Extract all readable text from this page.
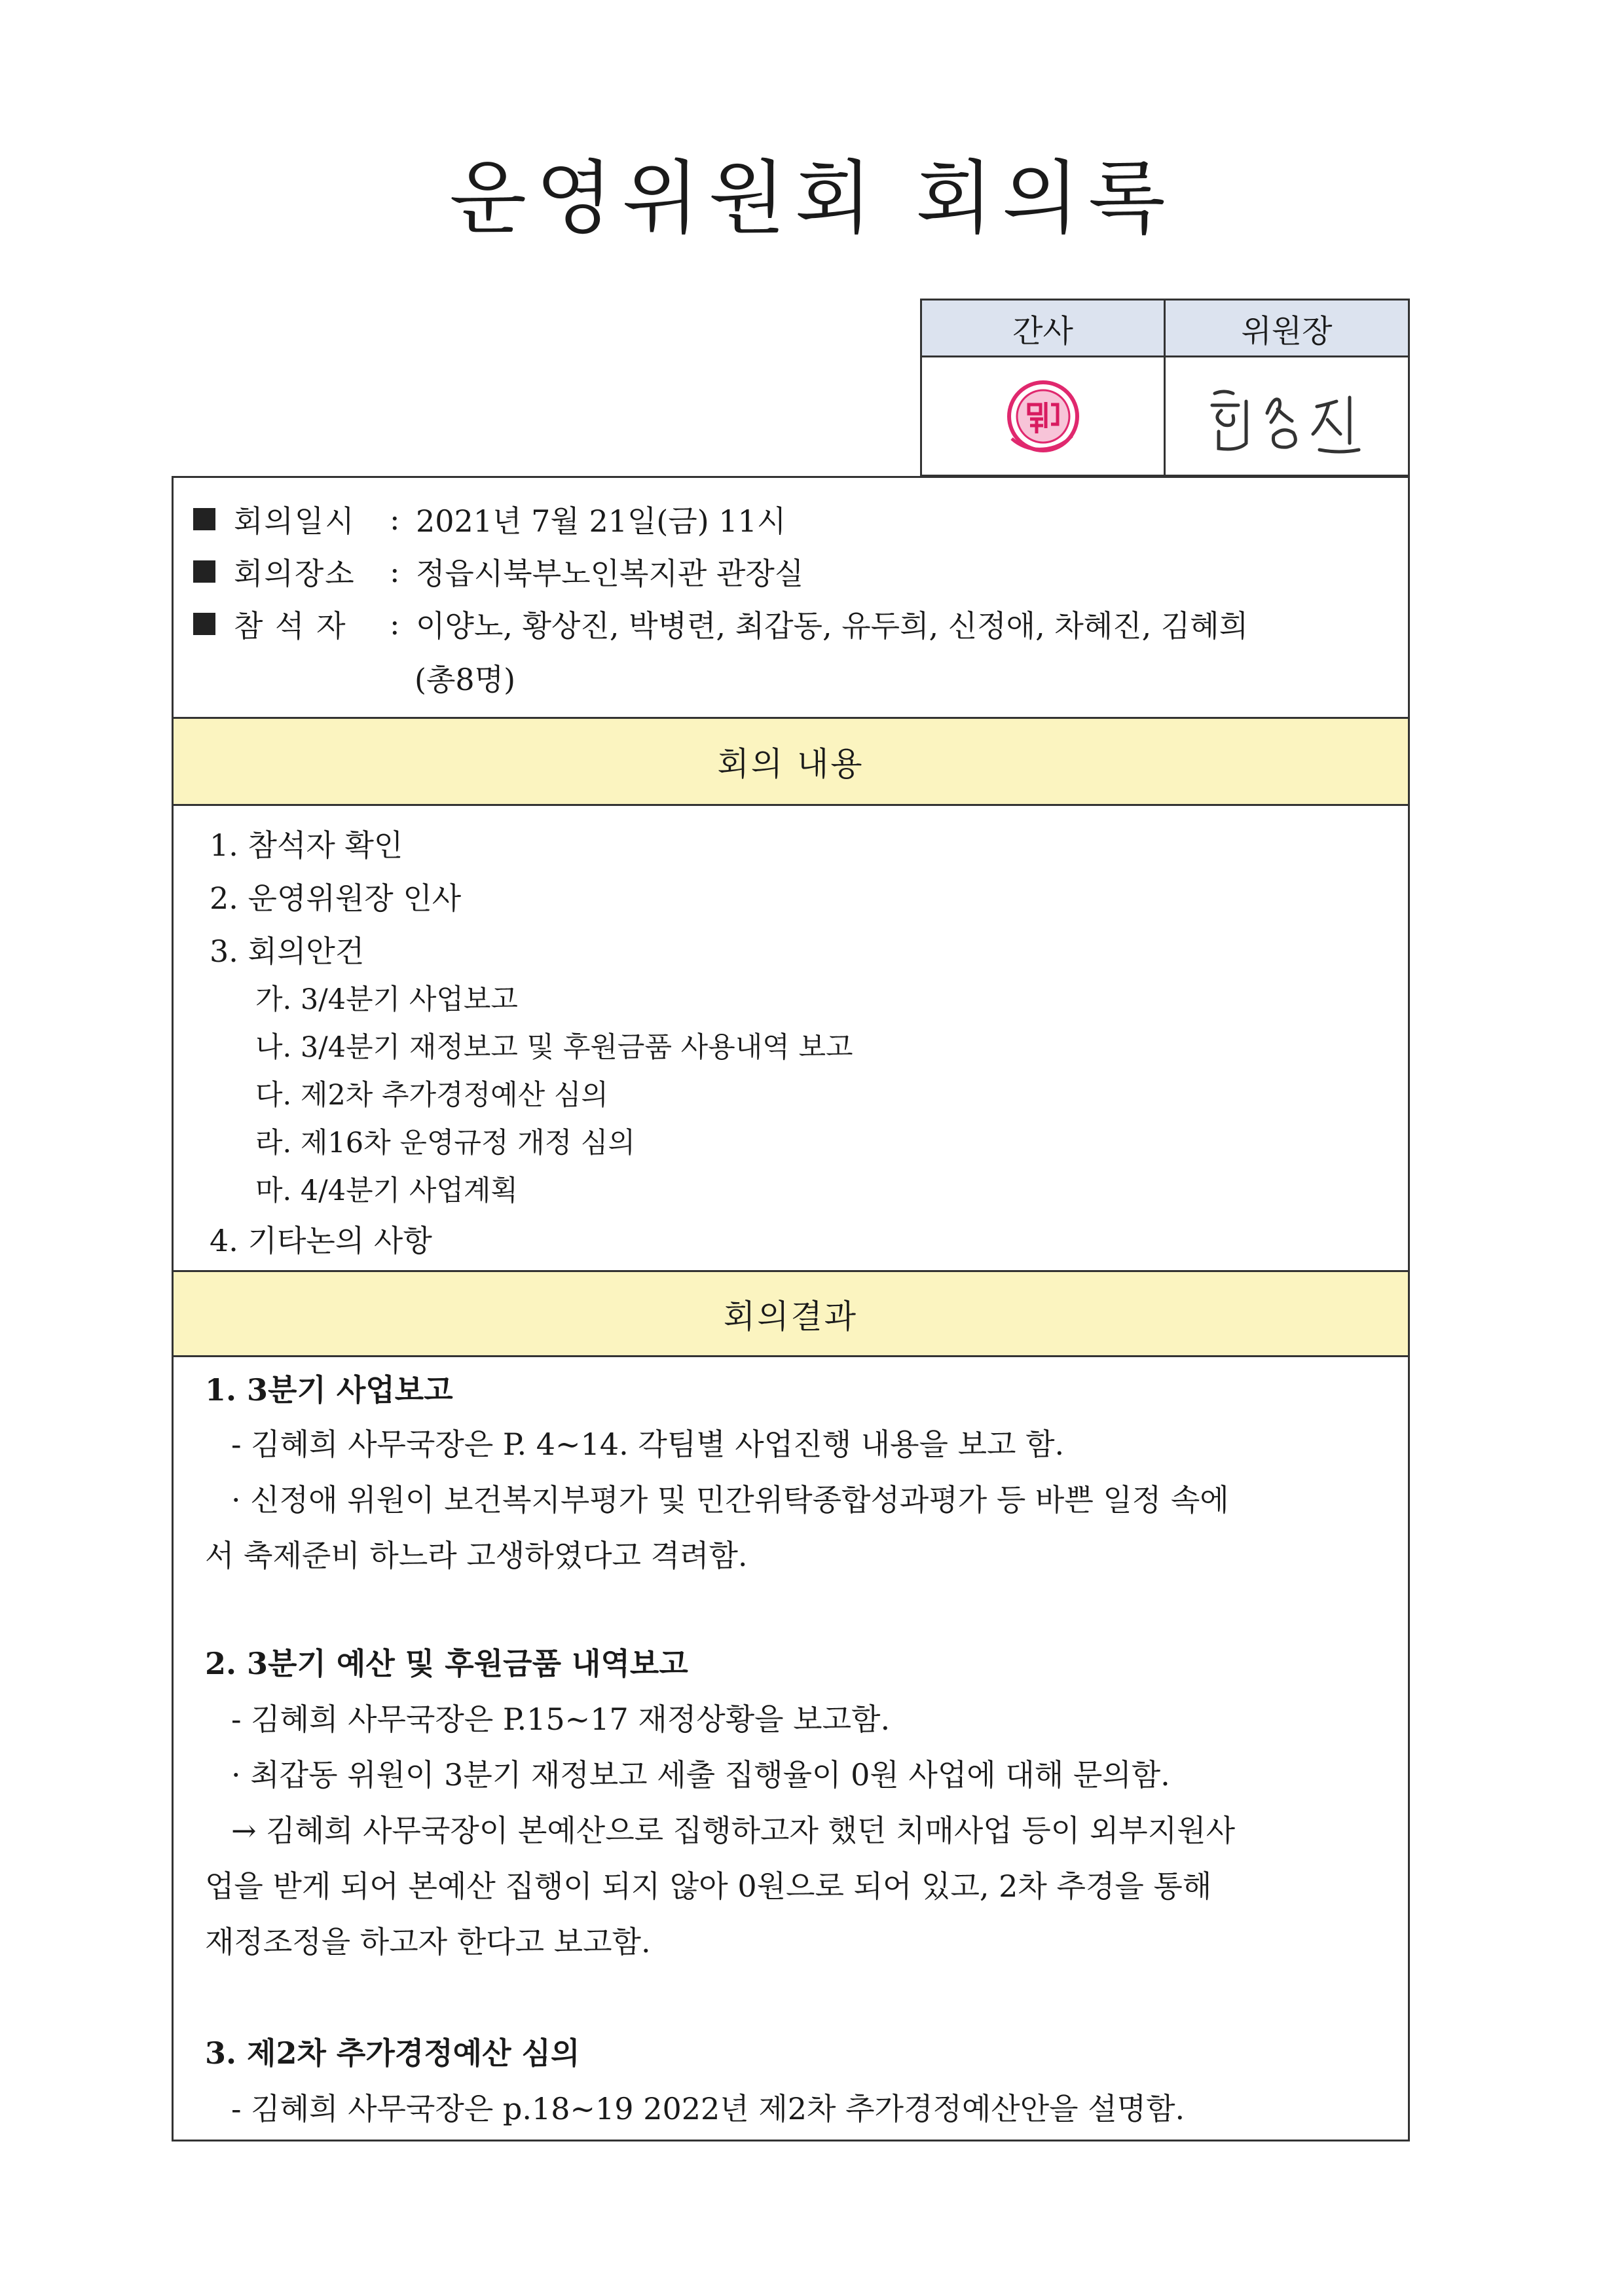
운영위원회 회의록
간사	위원장
회의일시	: 2021년 7월 21일(금) 11시
회의장소	: 정읍시북부노인복지관 관장실
참 석 자	: 이양노, 황상진, 박병련, 최갑동, 유두희, 신정애, 차혜진, 김혜희
(총8명)
회의 내용
1. 참석자 확인
2. 운영위원장 인사
3. 회의안건
가. 3/4분기 사업보고
나. 3/4분기 재정보고 및 후원금품 사용내역 보고
다. 제2차 추가경정예산 심의
라. 제16차 운영규정 개정 심의
마. 4/4분기 사업계획
4. 기타논의 사항
회의결과
1. 3분기 사업보고
- 김혜희 사무국장은 P. 4~14. 각팀별 사업진행 내용을 보고 함.
· 신정애 위원이 보건복지부평가 및 민간위탁종합성과평가 등 바쁜 일정 속에
서 축제준비 하느라 고생하였다고 격려함.
2. 3분기 예산 및 후원금품 내역보고
- 김혜희 사무국장은 P.15~17 재정상황을 보고함.
· 최갑동 위원이 3분기 재정보고 세출 집행율이 0원 사업에 대해 문의함.
→ 김혜희 사무국장이 본예산으로 집행하고자 했던 치매사업 등이 외부지원사
업을 받게 되어 본예산 집행이 되지 않아 0원으로 되어 있고, 2차 추경을 통해
재정조정을 하고자 한다고 보고함.
3. 제2차 추가경정예산 심의
- 김혜희 사무국장은 p.18~19 2022년 제2차 추가경정예산안을 설명함.
